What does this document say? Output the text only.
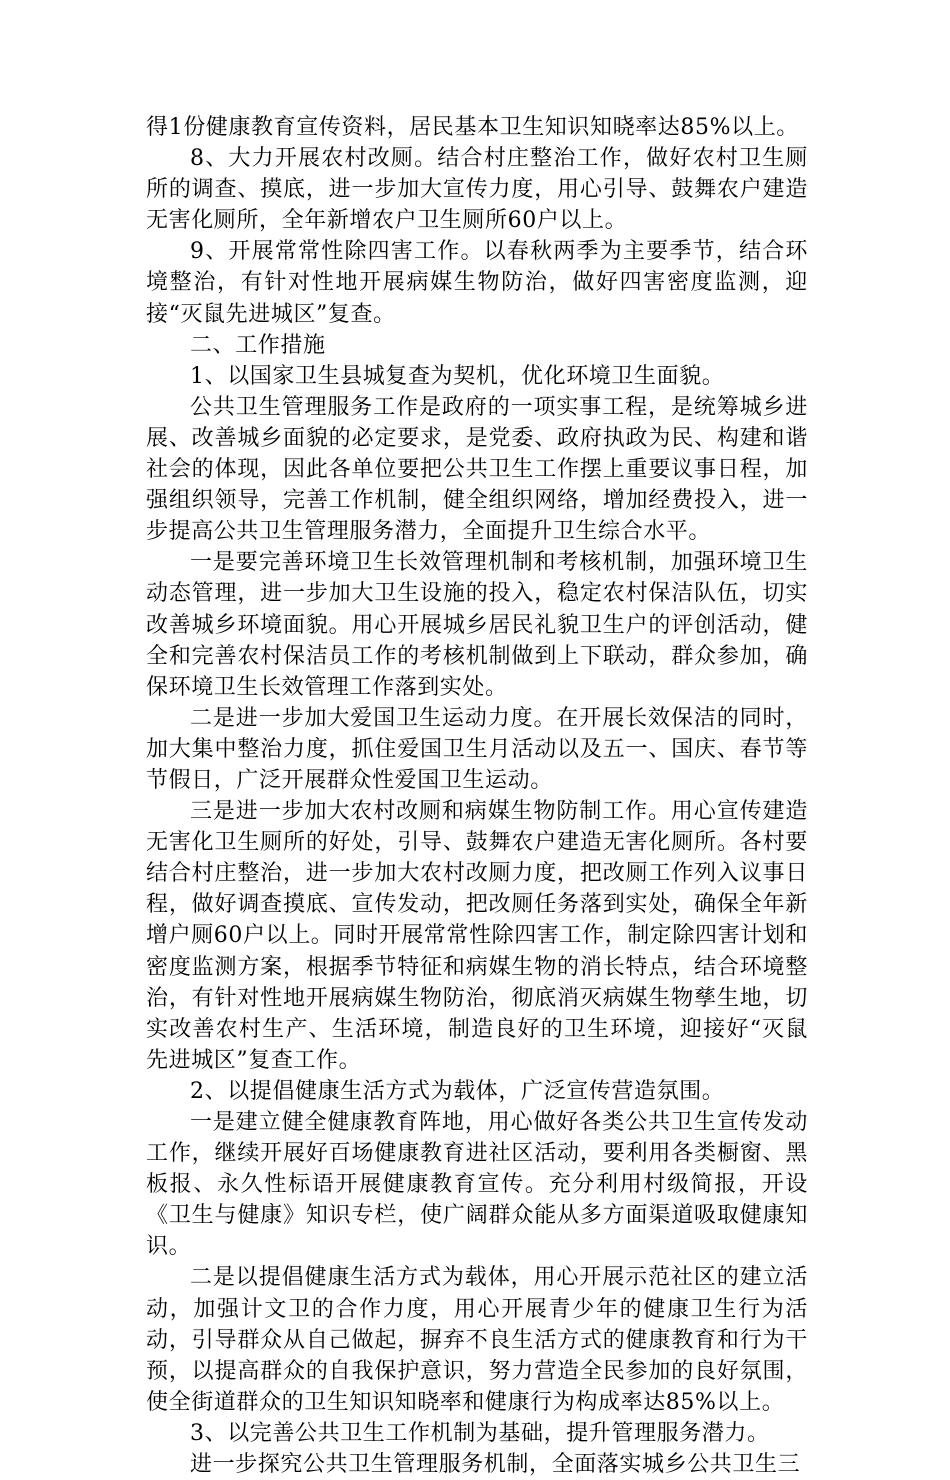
得1份健康教育宣传资料，居民基本卫生知识知晓率达85%以上。

8、大力开展农村改厕。结合村庄整治工作，做好农村卫生厕所的调查、摸底，进一步加大宣传力度，用心引导、鼓舞农户建造无害化厕所，全年新增农户卫生厕所60户以上。

9、开展常常性除四害工作。以春秋两季为主要季节，结合环境整治，有针对性地开展病媒生物防治，做好四害密度监测，迎接“灭鼠先进城区”复查。

二、工作措施

1、以国家卫生县城复查为契机，优化环境卫生面貌。

公共卫生管理服务工作是政府的一项实事工程，是统筹城乡进展、改善城乡面貌的必定要求，是党委、政府执政为民、构建和谐社会的体现，因此各单位要把公共卫生工作摆上重要议事日程，加强组织领导，完善工作机制，健全组织网络，增加经费投入，进一步提高公共卫生管理服务潜力，全面提升卫生综合水平。

一是要完善环境卫生长效管理机制和考核机制，加强环境卫生动态管理，进一步加大卫生设施的投入，稳定农村保洁队伍，切实改善城乡环境面貌。用心开展城乡居民礼貌卫生户的评创活动，健全和完善农村保洁员工作的考核机制做到上下联动，群众参加，确保环境卫生长效管理工作落到实处。

二是进一步加大爱国卫生运动力度。在开展长效保洁的同时，加大集中整治力度，抓住爱国卫生月活动以及五一、国庆、春节等节假日，广泛开展群众性爱国卫生运动。

三是进一步加大农村改厕和病媒生物防制工作。用心宣传建造无害化卫生厕所的好处，引导、鼓舞农户建造无害化厕所。各村要结合村庄整治，进一步加大农村改厕力度，把改厕工作列入议事日程，做好调查摸底、宣传发动，把改厕任务落到实处，确保全年新增户厕60户以上。同时开展常常性除四害工作，制定除四害计划和密度监测方案，根据季节特征和病媒生物的消长特点，结合环境整治，有针对性地开展病媒生物防治，彻底消灭病媒生物孳生地，切实改善农村生产、生活环境，制造良好的卫生环境，迎接好“灭鼠先进城区”复查工作。

2、以提倡健康生活方式为载体，广泛宣传营造氛围。

一是建立健全健康教育阵地，用心做好各类公共卫生宣传发动工作，继续开展好百场健康教育进社区活动，要利用各类橱窗、黑板报、永久性标语开展健康教育宣传。充分利用村级简报，开设《卫生与健康》知识专栏，使广阔群众能从多方面渠道吸取健康知识。

二是以提倡健康生活方式为载体，用心开展示范社区的建立活动，加强计文卫的合作力度，用心开展青少年的健康卫生行为活动，引导群众从自己做起，摒弃不良生活方式的健康教育和行为干预，以提高群众的自我保护意识，努力营造全民参加的良好氛围，使全街道群众的卫生知识知晓率和健康行为构成率达85%以上。

3、以完善公共卫生工作机制为基础，提升管理服务潜力。

进一步探究公共卫生管理服务机制，全面落实城乡公共卫生三
